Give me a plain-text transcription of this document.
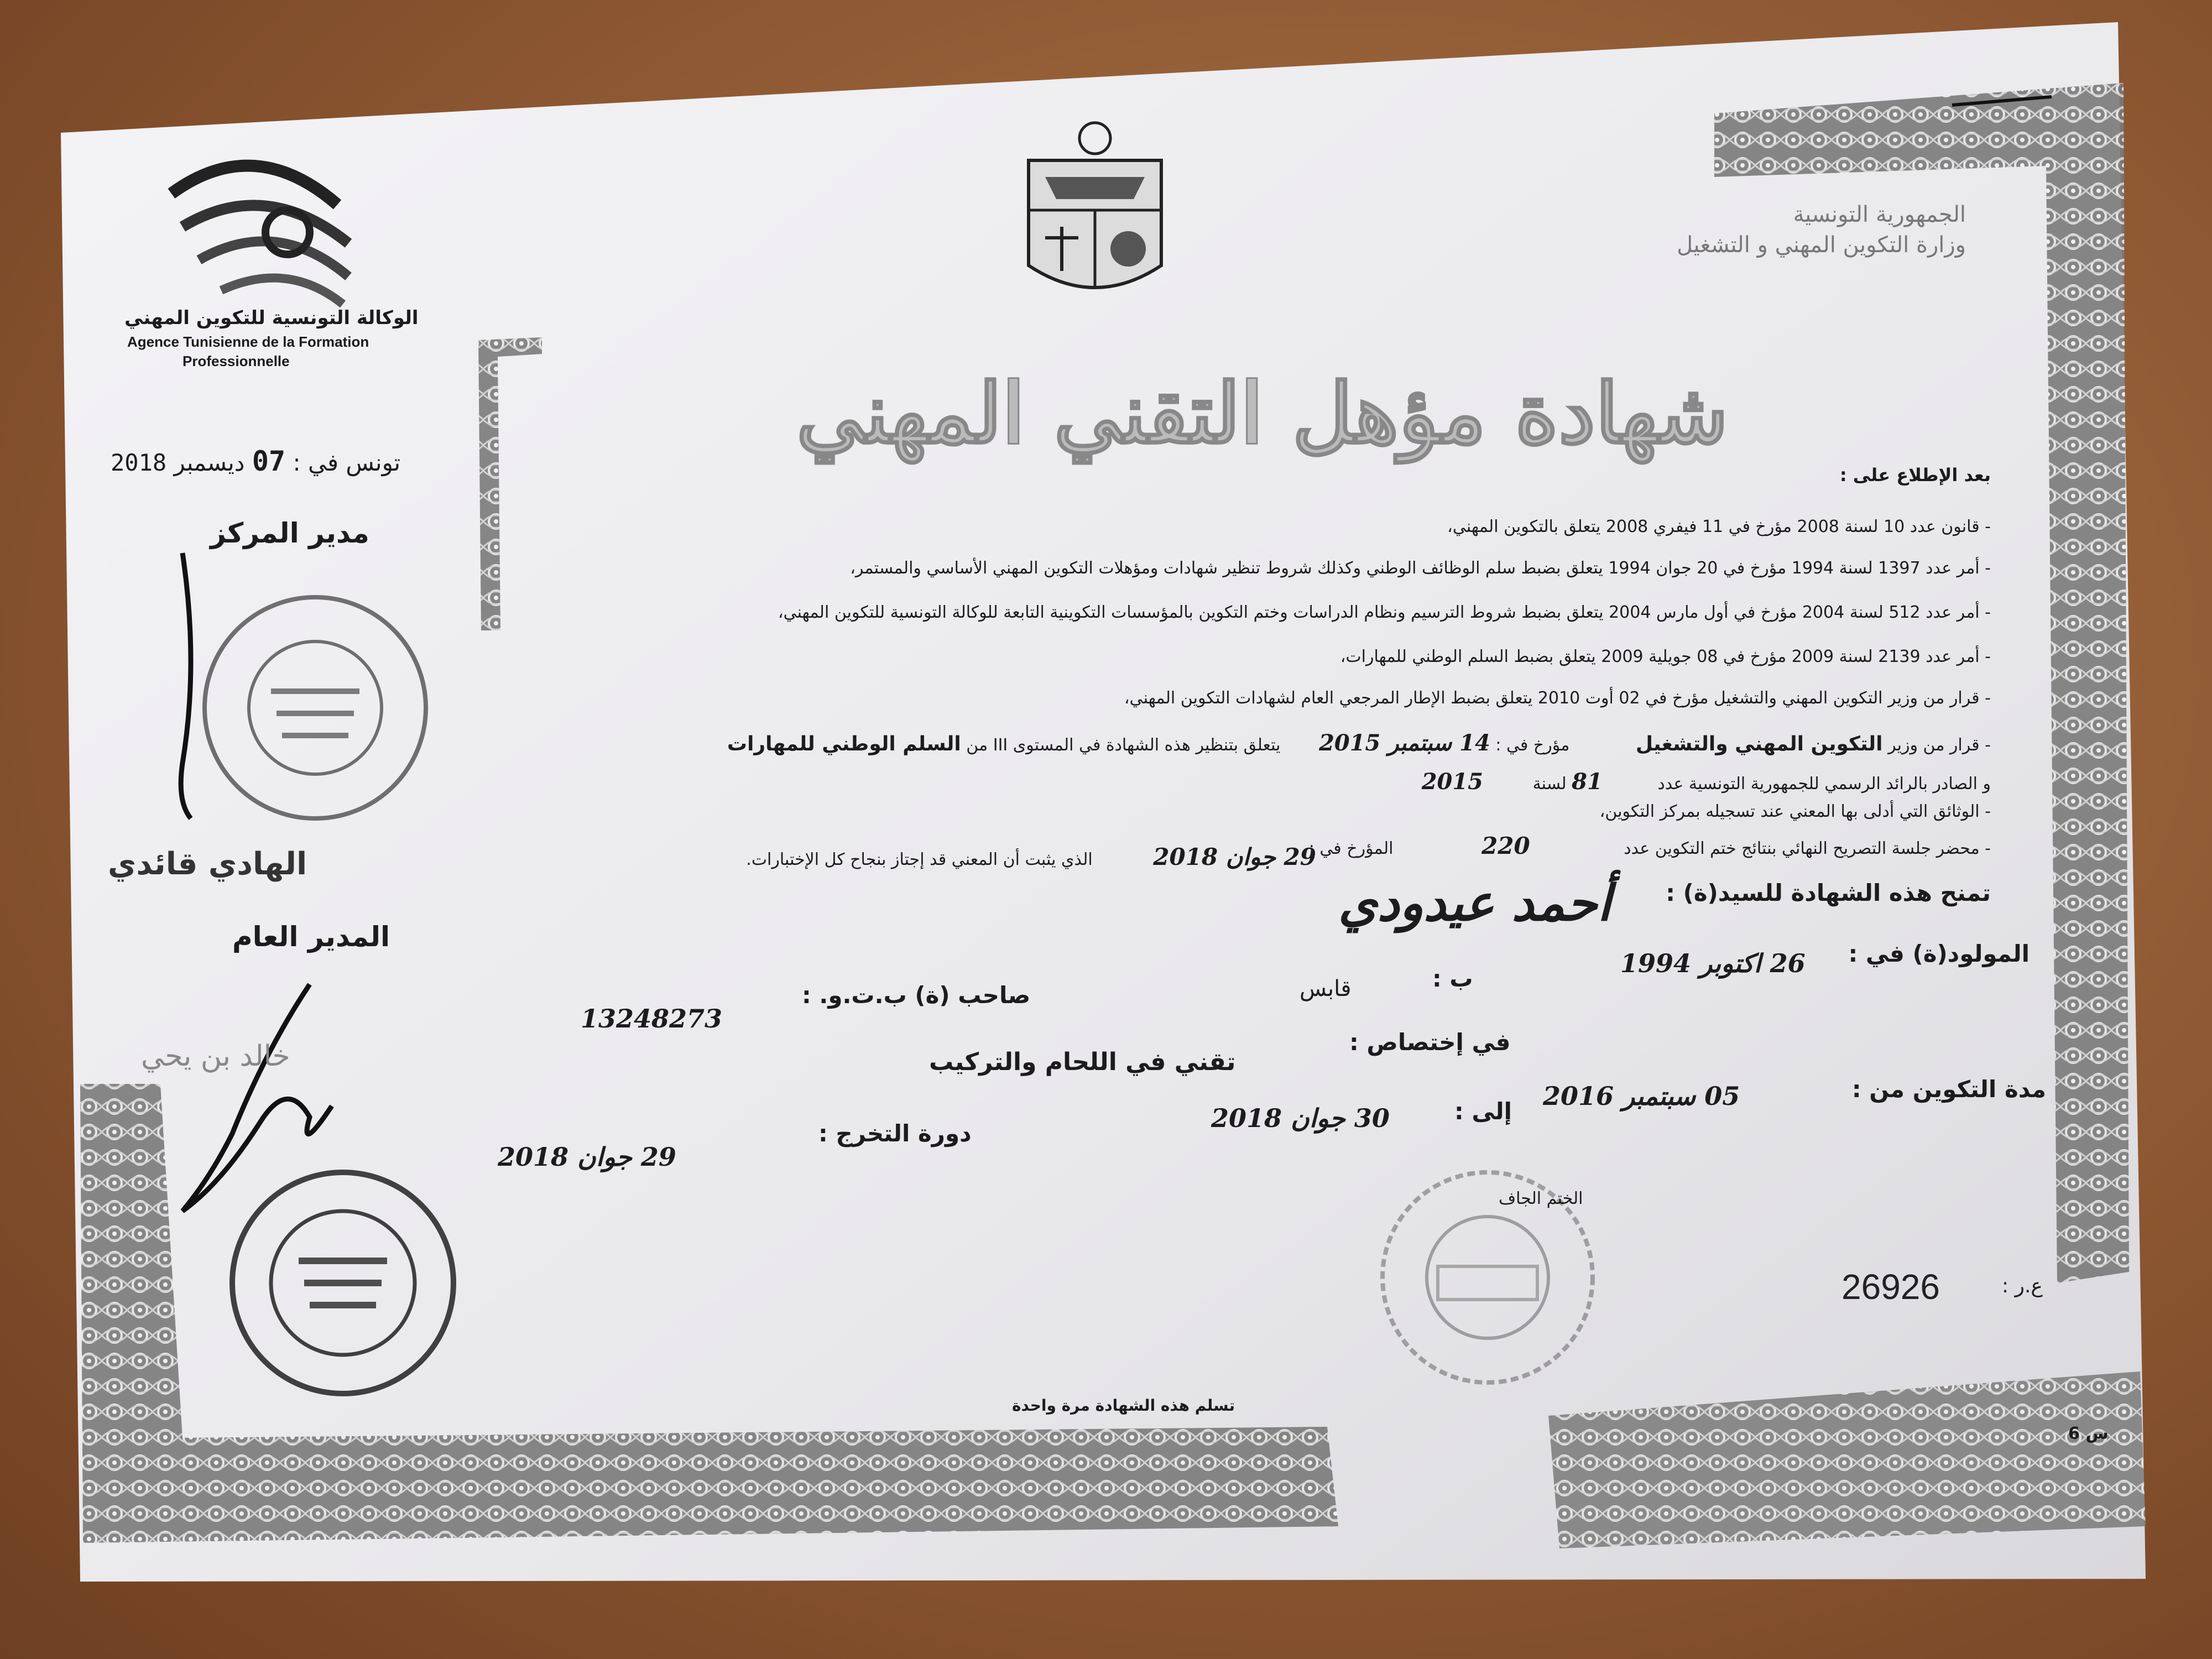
الجمهورية التونسية
وزارة التكوين المهني و التشغيل
الوكالة التونسية للتكوين المهني
Agence Tunisienne de la Formation
Professionnelle
شهادة مؤهل التقني المهني
تونس في : 07 ديسمبر 2018
مدير المركز
الهادي قائدي
المدير العام
خالد بن يحي
بعد الإطلاع على :
- قانون عدد 10 لسنة 2008 مؤرخ في 11 فيفري 2008 يتعلق بالتكوين المهني،
- أمر عدد 1397 لسنة 1994 مؤرخ في 20 جوان 1994 يتعلق بضبط سلم الوظائف الوطني وكذلك شروط تنظير شهادات ومؤهلات التكوين المهني الأساسي والمستمر،
- أمر عدد 512 لسنة 2004 مؤرخ في أول مارس 2004 يتعلق بضبط شروط الترسيم ونظام الدراسات وختم التكوين بالمؤسسات التكوينية التابعة للوكالة التونسية للتكوين المهني،
- أمر عدد 2139 لسنة 2009 مؤرخ في 08 جويلية 2009 يتعلق بضبط السلم الوطني للمهارات،
- قرار من وزير التكوين المهني والتشغيل مؤرخ في 02 أوت 2010 يتعلق بضبط الإطار المرجعي العام لشهادات التكوين المهني،
- قرار من وزير التكوين المهني والتشغيل مؤرخ في : 14 سبتمبر 2015 يتعلق بتنظير هذه الشهادة في المستوى III من السلم الوطني للمهارات
و الصادر بالرائد الرسمي للجمهورية التونسية عدد 81 لسنة 2015
- الوثائق التي أدلى بها المعني عند تسجيله بمركز التكوين،
- محضر جلسة التصريح النهائي بنتائج ختم التكوين عدد 220 المؤرخ في :
29 جوان 2018 الذي يثبت أن المعني قد إجتاز بنجاح كل الإختبارات.
تمنح هذه الشهادة للسيد(ة) :
أحمد عيدودي
المولود(ة) في :
26 اكتوبر 1994
ب :
قابس
صاحب (ة) ب.ت.و. :
13248273
في إختصاص :
تقني في اللحام والتركيب
مدة التكوين من :
05 سبتمبر 2016
إلى :
30 جوان 2018
دورة التخرج :
29 جوان 2018
الختم الجاف
ع.ر :
26926
تسلم هذه الشهادة مرة واحدة
س 6
